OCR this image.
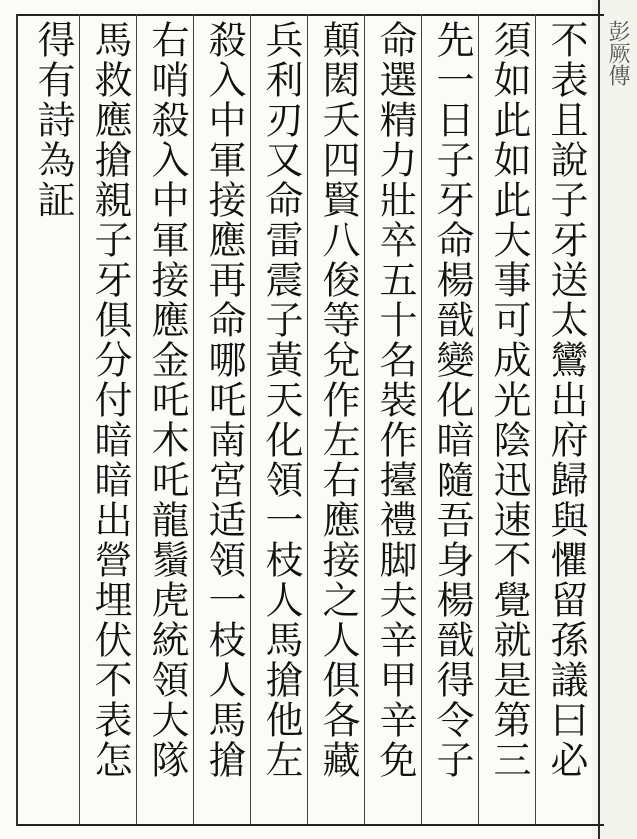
彭厥傳
不表且說子牙送太鸞出府歸與懼留孫議曰必
須如此如此大事可成光陰迅速不覺就是第三
先一日子牙命楊戩變化暗隨吾身楊戩得令子
命選精力壯卒五十名裝作擡禮脚夫辛甲辛免
顛閎夭四賢八俊等兌作左右應接之人俱各藏
兵利刃又命雷震子黃天化領一枝人馬搶他左
殺入中軍接應再命哪吒南宮适領一枝人馬搶
右哨殺入中軍接應金吒木吒龍鬚虎統領大隊
馬救應搶親子牙俱分付暗暗出營埋伏不表怎
得有詩為証
